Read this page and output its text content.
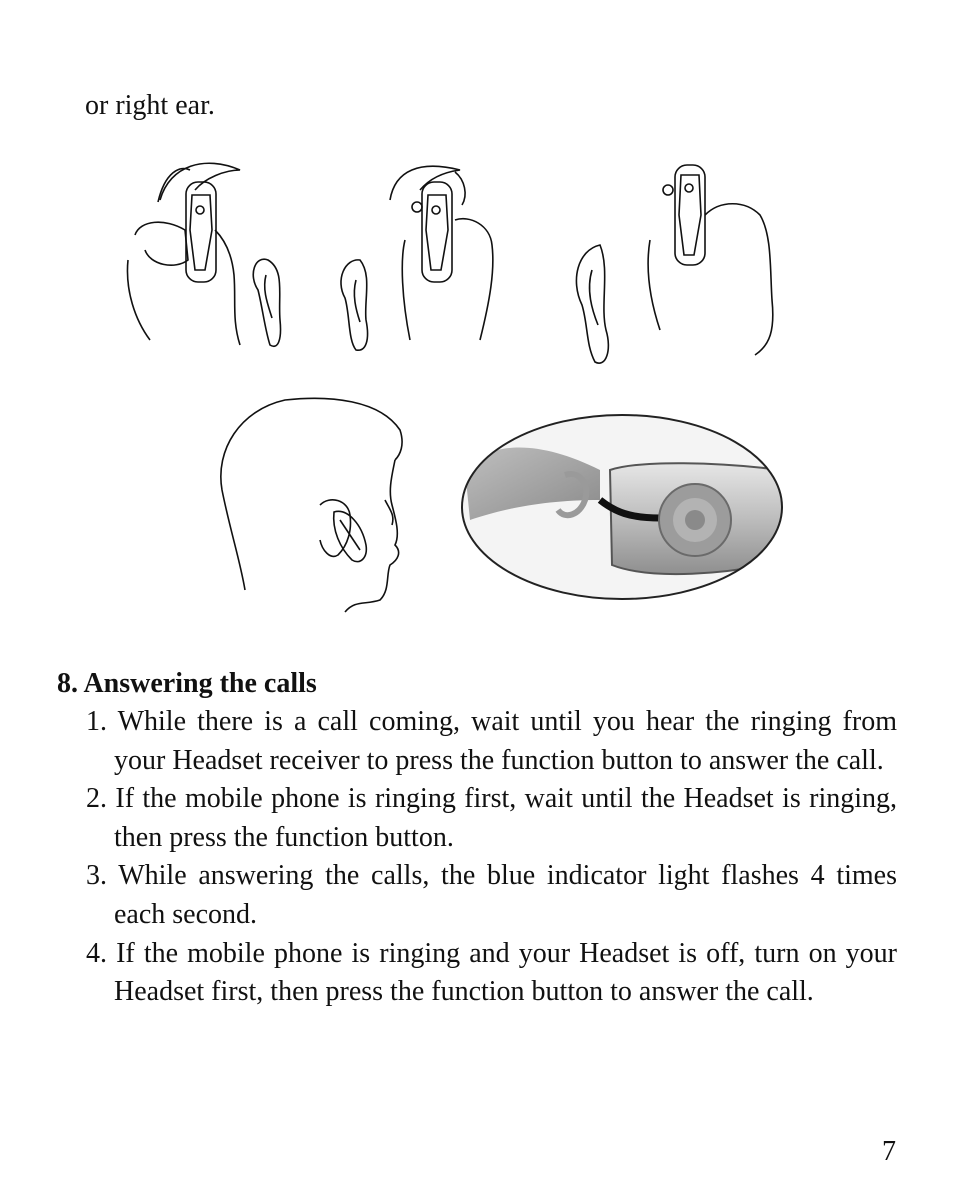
or right ear.
8. Answering the calls
1. While there is a call coming, wait until you hear the ringing from your Headset receiver to press the function button to answer the call.
2. If the mobile phone is ringing first, wait until the Headset is ringing, then press the function button.
3. While answering the calls, the blue indicator light flashes 4 times each second.
4. If the mobile phone is ringing and your Headset is off, turn on your Headset first, then press the function button to answer the call.
7
